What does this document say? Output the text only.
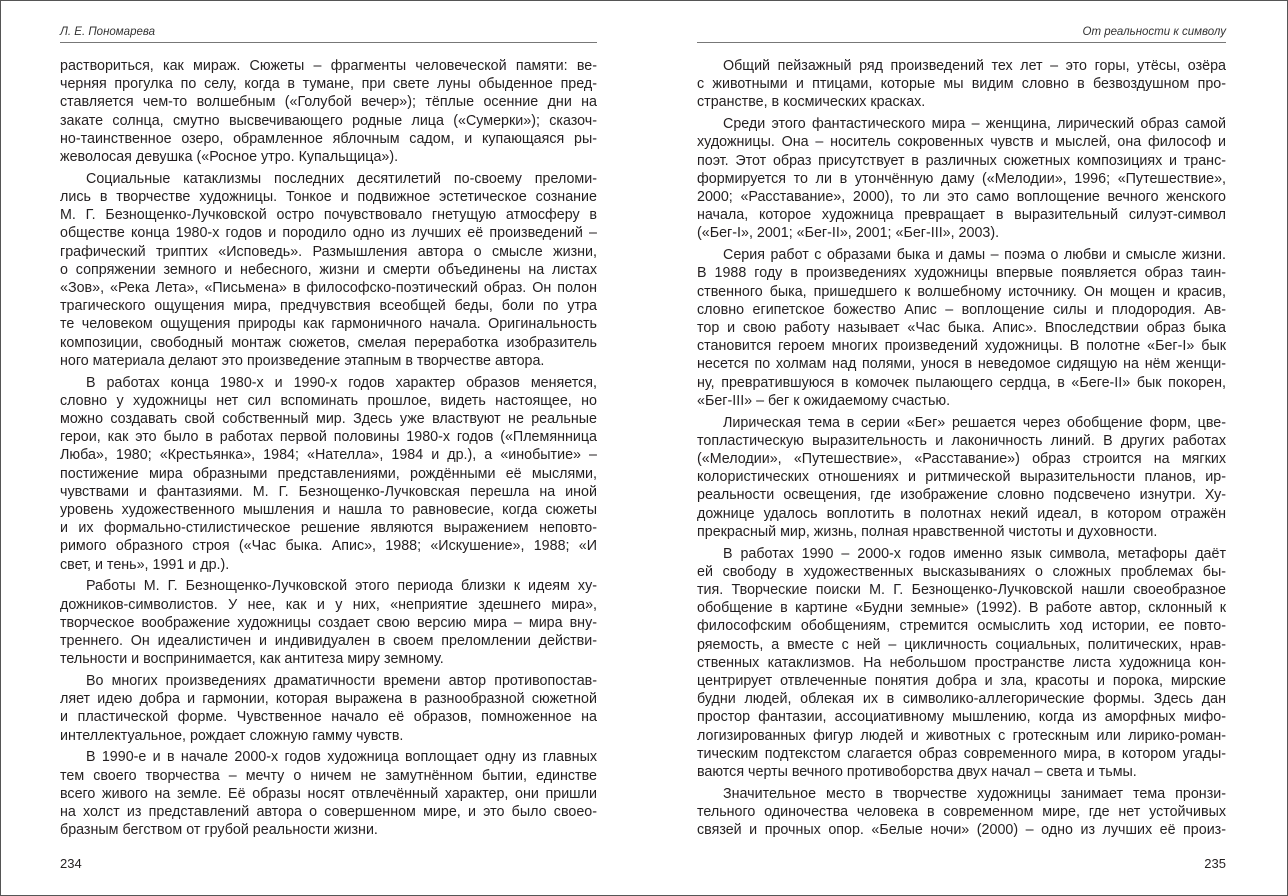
Л. Е. Пономарева
раствориться, как мираж. Сюжеты – фрагменты человеческой памяти: ве-
черняя прогулка по селу, когда в тумане, при свете луны обыденное пред-
ставляется чем-то волшебным («Голубой вечер»); тёплые осенние дни на
закате солнца, смутно высвечивающего родные лица («Сумерки»); сказоч-
но-таинственное озеро, обрамленное яблочным садом, и купающаяся ры-
жеволосая девушка («Росное утро. Купальщица»).
Социальные катаклизмы последних десятилетий по-своему преломи-
лись в творчестве художницы. Тонкое и подвижное эстетическое сознание
М. Г. Безнощенко-Лучковской остро почувствовало гнетущую атмосферу в
обществе конца 1980-х годов и породило одно из лучших её произведений –
графический триптих «Исповедь». Размышления автора о смысле жизни,
о сопряжении земного и небесного, жизни и смерти объединены на листах
«Зов», «Река Лета», «Письмена» в философско-поэтический образ. Он полон
трагического ощущения мира, предчувствия всеобщей беды, боли по утра
те человеком ощущения природы как гармоничного начала. Оригинальность
композиции, свободный монтаж сюжетов, смелая переработка изобразитель
ного материала делают это произведение этапным в творчестве автора.
В работах конца 1980-х и 1990-х годов характер образов меняется,
словно у художницы нет сил вспоминать прошлое, видеть настоящее, но
можно создавать свой собственный мир. Здесь уже властвуют не реальные
герои, как это было в работах первой половины 1980-х годов («Племянница
Люба», 1980; «Крестьянка», 1984; «Нателла», 1984 и др.), а «инобытие» –
постижение мира образными представлениями, рождёнными её мыслями,
чувствами и фантазиями. М. Г. Безнощенко-Лучковская перешла на иной
уровень художественного мышления и нашла то равновесие, когда сюжеты
и их формально-стилистическое решение являются выражением неповто-
римого образного строя («Час быка. Апис», 1988; «Искушение», 1988; «И
свет, и тень», 1991 и др.).
Работы М. Г. Безнощенко-Лучковской этого периода близки к идеям ху-
дожников-символистов. У нее, как и у них, «неприятие здешнего мира»,
творческое воображение художницы создает свою версию мира – мира вну-
треннего. Он идеалистичен и индивидуален в своем преломлении действи-
тельности и воспринимается, как антитеза миру земному.
Во многих произведениях драматичности времени автор противопостав-
ляет идею добра и гармонии, которая выражена в разнообразной сюжетной
и пластической форме. Чувственное начало её образов, помноженное на
интеллектуальное, рождает сложную гамму чувств.
В 1990-е и в начале 2000-х годов художница воплощает одну из главных
тем своего творчества – мечту о ничем не замутнённом бытии, единстве
всего живого на земле. Её образы носят отвлечённый характер, они пришли
на холст из представлений автора о совершенном мире, и это было своео-
бразным бегством от грубой реальности жизни.
234
От реальности к символу
Общий пейзажный ряд произведений тех лет – это горы, утёсы, озёра
с животными и птицами, которые мы видим словно в безвоздушном про-
странстве, в космических красках.
Среди этого фантастического мира – женщина, лирический образ самой
художницы. Она – носитель сокровенных чувств и мыслей, она философ и
поэт. Этот образ присутствует в различных сюжетных композициях и транс-
формируется то ли в утончённую даму («Мелодии», 1996; «Путешествие»,
2000; «Расставание», 2000), то ли это само воплощение вечного женского
начала, которое художница превращает в выразительный силуэт-символ
(«Бег-I», 2001; «Бег-II», 2001; «Бег-III», 2003).
Серия работ с образами быка и дамы – поэма о любви и смысле жизни.
В 1988 году в произведениях художницы впервые появляется образ таин-
ственного быка, пришедшего к волшебному источнику. Он мощен и красив,
словно египетское божество Апис – воплощение силы и плодородия. Ав-
тор и свою работу называет «Час быка. Апис». Впоследствии образ быка
становится героем многих произведений художницы. В полотне «Бег-I» бык
несется по холмам над полями, унося в неведомое сидящую на нём женщи-
ну, превратившуюся в комочек пылающего сердца, в «Беге-II» бык покорен,
«Бег-III» – бег к ожидаемому счастью.
Лирическая тема в серии «Бег» решается через обобщение форм, цве-
топластическую выразительность и лаконичность линий. В других работах
(«Мелодии», «Путешествие», «Расставание») образ строится на мягких
колористических отношениях и ритмической выразительности планов, ир-
реальности освещения, где изображение словно подсвечено изнутри. Ху-
дожнице удалось воплотить в полотнах некий идеал, в котором отражён
прекрасный мир, жизнь, полная нравственной чистоты и духовности.
В работах 1990 – 2000-х годов именно язык символа, метафоры даёт
ей свободу в художественных высказываниях о сложных проблемах бы-
тия. Творческие поиски М. Г. Безнощенко-Лучковской нашли своеобразное
обобщение в картине «Будни земные» (1992). В работе автор, склонный к
философским обобщениям, стремится осмыслить ход истории, ее повто-
ряемость, а вместе с ней – цикличность социальных, политических, нрав-
ственных катаклизмов. На небольшом пространстве листа художница кон-
центрирует отвлеченные понятия добра и зла, красоты и порока, мирские
будни людей, облекая их в символико-аллегорические формы. Здесь дан
простор фантазии, ассоциативному мышлению, когда из аморфных мифо-
логизированных фигур людей и животных с гротескным или лирико-роман-
тическим подтекстом слагается образ современного мира, в котором угады-
ваются черты вечного противоборства двух начал – света и тьмы.
Значительное место в творчестве художницы занимает тема пронзи-
тельного одиночества человека в современном мире, где нет устойчивых
связей и прочных опор. «Белые ночи» (2000) – одно из лучших её произ-
235
